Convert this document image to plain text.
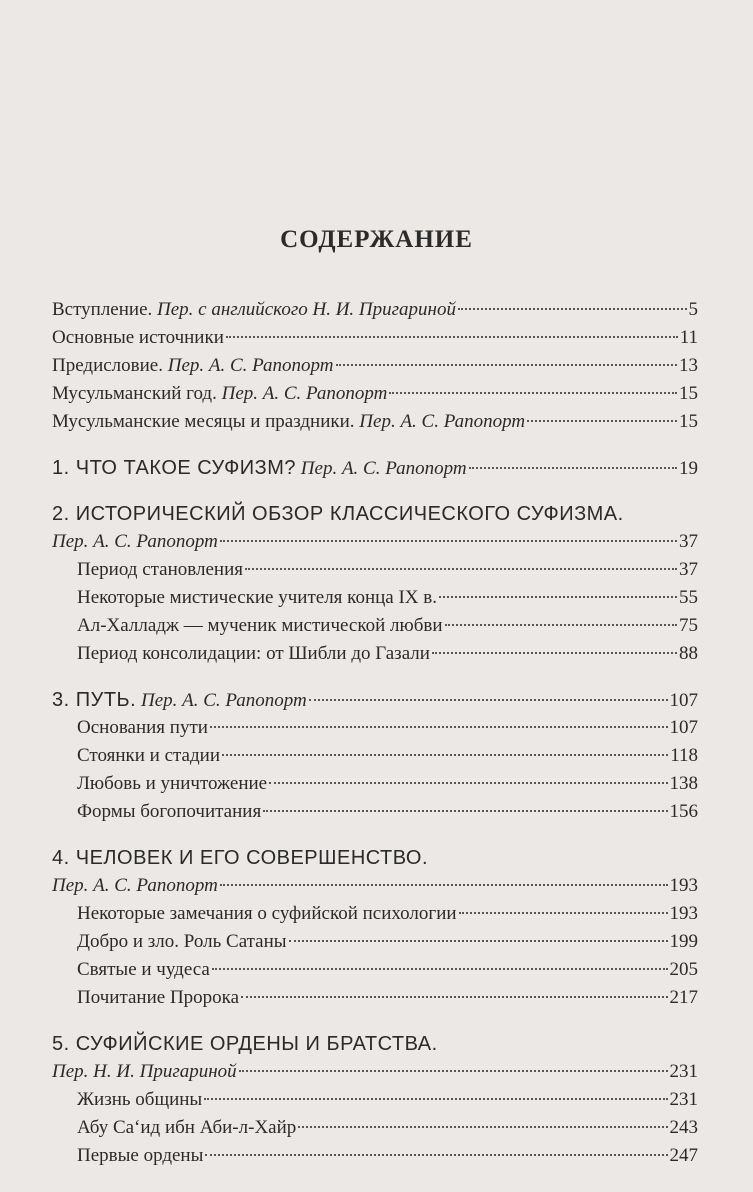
СОДЕРЖАНИЕ
Вступление. Пер. с английского Н. И. Пригариной	5
Основные источники	11
Предисловие. Пер. А. С. Рапопорт	13
Мусульманский год. Пер. А. С. Рапопорт	15
Мусульманские месяцы и праздники. Пер. А. С. Рапопорт	15
1. ЧТО ТАКОЕ СУФИЗМ? Пер. А. С. Рапопорт	19
2. ИСТОРИЧЕСКИЙ ОБЗОР КЛАССИЧЕСКОГО СУФИЗМА.
Пер. А. С. Рапопорт	37
Период становления	37
Некоторые мистические учителя конца IX в.	55
Ал-Халладж — мученик мистической любви	75
Период консолидации: от Шибли до Газали	88
3. ПУТЬ. Пер. А. С. Рапопорт	107
Основания пути	107
Стоянки и стадии	118
Любовь и уничтожение	138
Формы богопочитания	156
4. ЧЕЛОВЕК И ЕГО СОВЕРШЕНСТВО.
Пер. А. С. Рапопорт	193
Некоторые замечания о суфийской психологии	193
Добро и зло. Роль Сатаны	199
Святые и чудеса	205
Почитание Пророка	217
5. СУФИЙСКИЕ ОРДЕНЫ И БРАТСТВА.
Пер. Н. И. Пригариной	231
Жизнь общины	231
Абу Са‘ид ибн Аби-л-Хайр	243
Первые ордены	247
